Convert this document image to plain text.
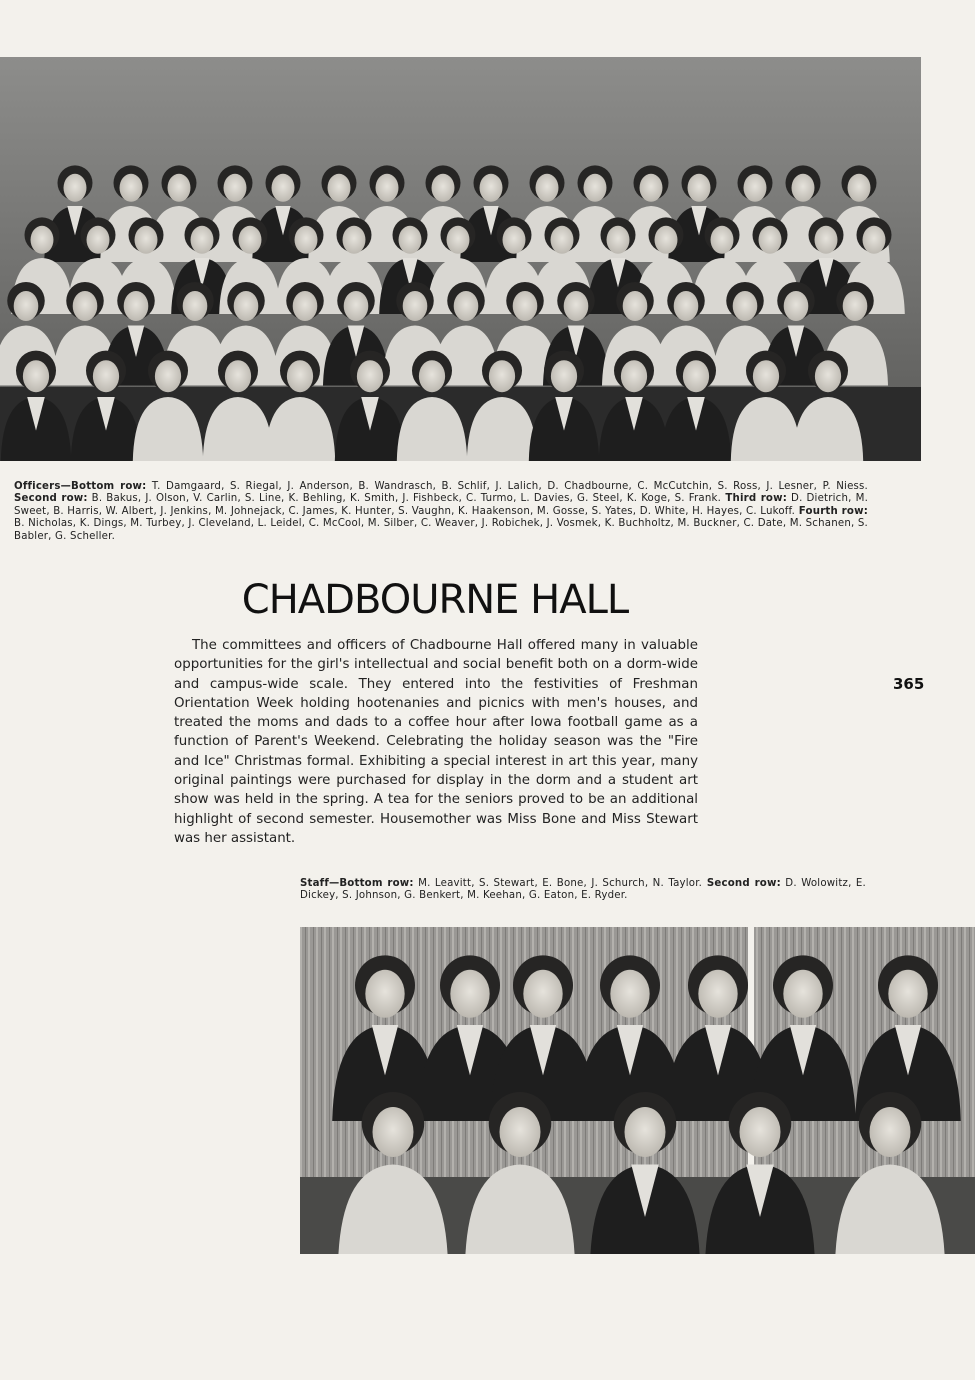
Officers—Bottom row: T. Damgaard, S. Riegal, J. Anderson, B. Wandrasch, B. Schlif, J. Lalich, D. Chadbourne, C. McCutchin, S. Ross, J. Lesner, P. Niess. Second row: B. Bakus, J. Olson, V. Carlin, S. Line, K. Behling, K. Smith, J. Fishbeck, C. Turmo, L. Davies, G. Steel, K. Koge, S. Frank. Third row: D. Dietrich, M. Sweet, B. Harris, W. Albert, J. Jenkins, M. Johnejack, C. James, K. Hunter, S. Vaughn, K. Haakenson, M. Gosse, S. Yates, D. White, H. Hayes, C. Lukoff. Fourth row: B. Nicholas, K. Dings, M. Turbey, J. Cleveland, L. Leidel, C. McCool, M. Silber, C. Weaver, J. Robichek, J. Vosmek, K. Buchholtz, M. Buckner, C. Date, M. Schanen, S. Babler, G. Scheller.
CHADBOURNE HALL
The committees and officers of Chadbourne Hall offered many in valuable opportunities for the girl's intellectual and social benefit both on a dorm-wide and campus-wide scale. They entered into the festivities of Freshman Orientation Week holding hootenanies and picnics with men's houses, and treated the moms and dads to a coffee hour after Iowa football game as a function of Parent's Weekend. Celebrating the holiday season was the "Fire and Ice" Christmas formal. Exhibiting a special interest in art this year, many original paintings were purchased for display in the dorm and a student art show was held in the spring. A tea for the seniors proved to be an additional highlight of second semester. Housemother was Miss Bone and Miss Stewart was her assistant.
365
Staff—Bottom row: M. Leavitt, S. Stewart, E. Bone, J. Schurch, N. Taylor. Second row: D. Wolowitz, E. Dickey, S. Johnson, G. Benkert, M. Keehan, G. Eaton, E. Ryder.
